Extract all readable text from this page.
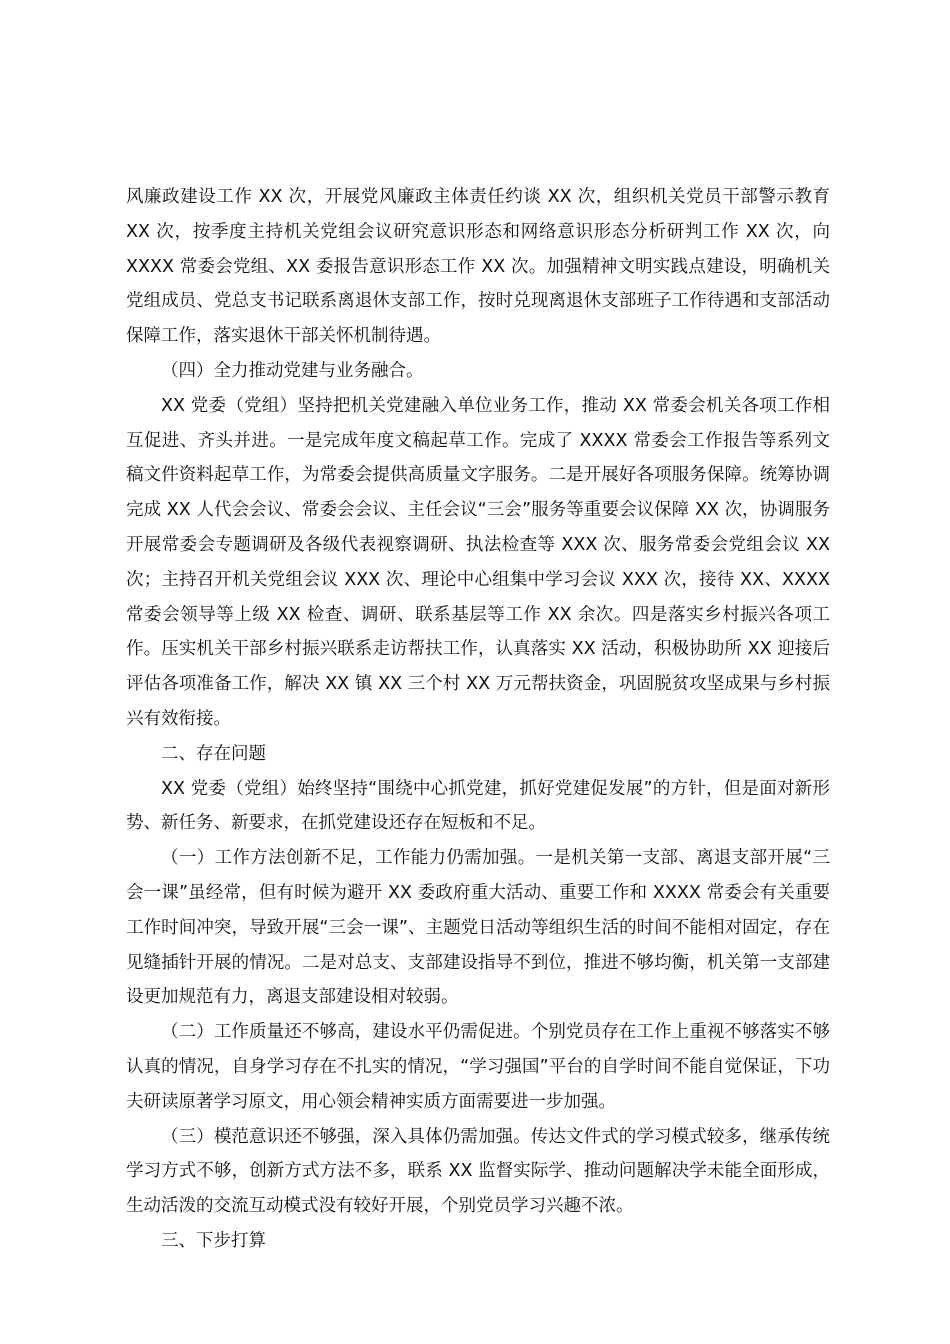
风廉政建设工作 XX 次，开展党风廉政主体责任约谈 XX 次，组织机关党员干部警示教育 XX 次，按季度主持机关党组会议研究意识形态和网络意识形态分析研判工作 XX 次，向 XXXX 常委会党组、XX 委报告意识形态工作 XX 次。加强精神文明实践点建设，明确机关党组成员、党总支书记联系离退休支部工作，按时兑现离退休支部班子工作待遇和支部活动保障工作，落实退休干部关怀机制待遇。

（四）全力推动党建与业务融合。

XX 党委（党组）坚持把机关党建融入单位业务工作，推动 XX 常委会机关各项工作相互促进、齐头并进。一是完成年度文稿起草工作。完成了 XXXX 常委会工作报告等系列文稿文件资料起草工作，为常委会提供高质量文字服务。二是开展好各项服务保障。统筹协调完成 XX 人代会会议、常委会会议、主任会议“三会”服务等重要会议保障 XX 次，协调服务开展常委会专题调研及各级代表视察调研、执法检查等 XXX 次、服务常委会党组会议 XX 次；主持召开机关党组会议 XXX 次、理论中心组集中学习会议 XXX 次，接待 XX、XXXX 常委会领导等上级 XX 检查、调研、联系基层等工作 XX 余次。四是落实乡村振兴各项工作。压实机关干部乡村振兴联系走访帮扶工作，认真落实 XX 活动，积极协助所 XX 迎接后评估各项准备工作，解决 XX 镇 XX 三个村 XX 万元帮扶资金，巩固脱贫攻坚成果与乡村振兴有效衔接。

二、存在问题

XX 党委（党组）始终坚持“围绕中心抓党建，抓好党建促发展”的方针，但是面对新形势、新任务、新要求，在抓党建设还存在短板和不足。

（一）工作方法创新不足，工作能力仍需加强。一是机关第一支部、离退支部开展“三会一课”虽经常，但有时候为避开 XX 委政府重大活动、重要工作和 XXXX 常委会有关重要工作时间冲突，导致开展“三会一课”、主题党日活动等组织生活的时间不能相对固定，存在见缝插针开展的情况。二是对总支、支部建设指导不到位，推进不够均衡，机关第一支部建设更加规范有力，离退支部建设相对较弱。

（二）工作质量还不够高，建设水平仍需促进。个别党员存在工作上重视不够落实不够认真的情况，自身学习存在不扎实的情况，“学习强国”平台的自学时间不能自觉保证，下功夫研读原著学习原文，用心领会精神实质方面需要进一步加强。

（三）模范意识还不够强，深入具体仍需加强。传达文件式的学习模式较多，继承传统学习方式不够，创新方式方法不多，联系 XX 监督实际学、推动问题解决学未能全面形成，生动活泼的交流互动模式没有较好开展，个别党员学习兴趣不浓。

三、下步打算
